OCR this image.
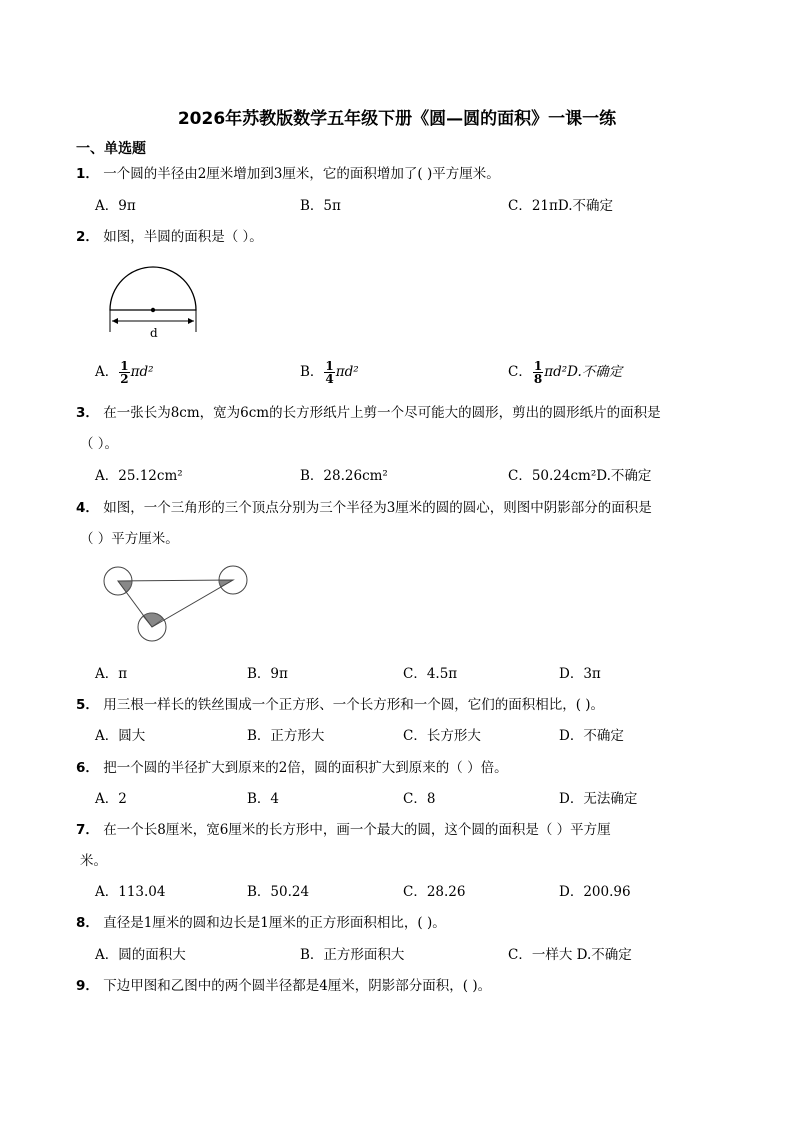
2026年苏教版数学五年级下册《圆—圆的面积》一课一练
一、单选题
1． 一个圆的半径由2厘米增加到3厘米，它的面积增加了( )平方厘米。
A．9π	B．5π	C．21πD.不确定
2． 如图，半圆的面积是（ ）。
d
A． $\frac{1}{2} \pi d^2$	B． $\frac{1}{4} \pi d^2$	C． $\frac{1}{8} \pi d^2D$.不确定
3． 在一张长为8cm，宽为6cm的长方形纸片上剪一个尽可能大的圆形，剪出的圆形纸片的面积是
（ ）。
A．25.12cm²	B．28.26cm²	C．50.24cm²D.不确定
4． 如图，一个三角形的三个顶点分别为三个半径为3厘米的圆的圆心，则图中阴影部分的面积是
（ ）平方厘米。
A．π	B．9π	C．4.5π	D．3π
5． 用三根一样长的铁丝围成一个正方形、一个长方形和一个圆，它们的面积相比，( )。
A．圆大	B．正方形大	C．长方形大	D．不确定
6． 把一个圆的半径扩大到原来的2倍，圆的面积扩大到原来的（ ）倍。
A．2	B．4	C．8	D．无法确定
7． 在一个长8厘米，宽6厘米的长方形中，画一个最大的圆，这个圆的面积是（ ）平方厘
米。
A．113.04	B．50.24	C．28.26	D．200.96
8． 直径是1厘米的圆和边长是1厘米的正方形面积相比，( )。
A．圆的面积大	B．正方形面积大	C．一样大 D.不确定
9． 下边甲图和乙图中的两个圆半径都是4厘米，阴影部分面积，( )。
